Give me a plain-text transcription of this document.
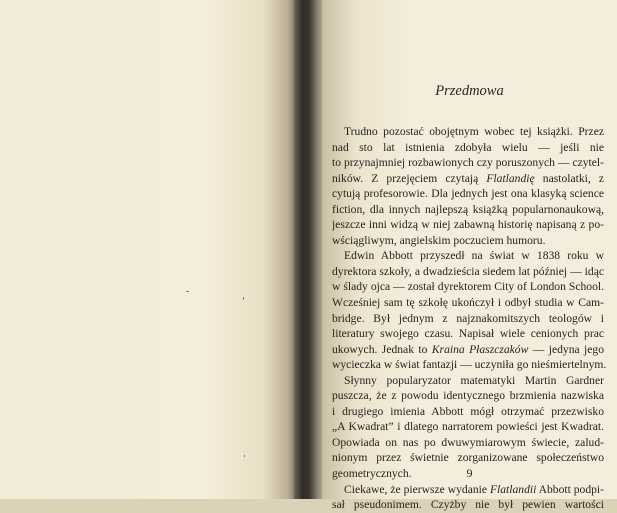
Przedmowa
Trudno pozostać obojętnym wobec tej książki. Przez
nad sto lat istnienia zdobyła wielu — jeśli nie
to przynajmniej rozbawionych czy poruszonych — czytel-
ników. Z przejęciem czytają Flatlandię nastolatki, z
cytują profesorowie. Dla jednych jest ona klasyką science
fiction, dla innych najlepszą książką popularnonaukową,
jeszcze inni widzą w niej zabawną historię napisaną z po-
wściągliwym, angielskim poczuciem humoru.
Edwin Abbott przyszedł na świat w 1838 roku w
dyrektora szkoły, a dwadzieścia siedem lat później — idąc
w ślady ojca — został dyrektorem City of London School.
Wcześniej sam tę szkołę ukończył i odbył studia w Cam-
bridge. Był jednym z najznakomitszych teologów i
literatury swojego czasu. Napisał wiele cenionych prac
ukowych. Jednak to Kraina Płaszczaków — jedyna jego
wycieczka w świat fantazji — uczyniła go nieśmiertelnym.
Słynny popularyzator matematyki Martin Gardner
puszcza, że z powodu identycznego brzmienia nazwiska
i drugiego imienia Abbott mógł otrzymać przezwisko
„A Kwadrat” i dlatego narratorem powieści jest Kwadrat.
Opowiada on nas po dwuwymiarowym świecie, zalud-
nionym przez świetnie zorganizowane społeczeństwo
geometrycznych.
Ciekawe, że pierwsze wydanie Flatlandii Abbott podpi-
sał pseudonimem. Czyżby nie był pewien wartości
9
